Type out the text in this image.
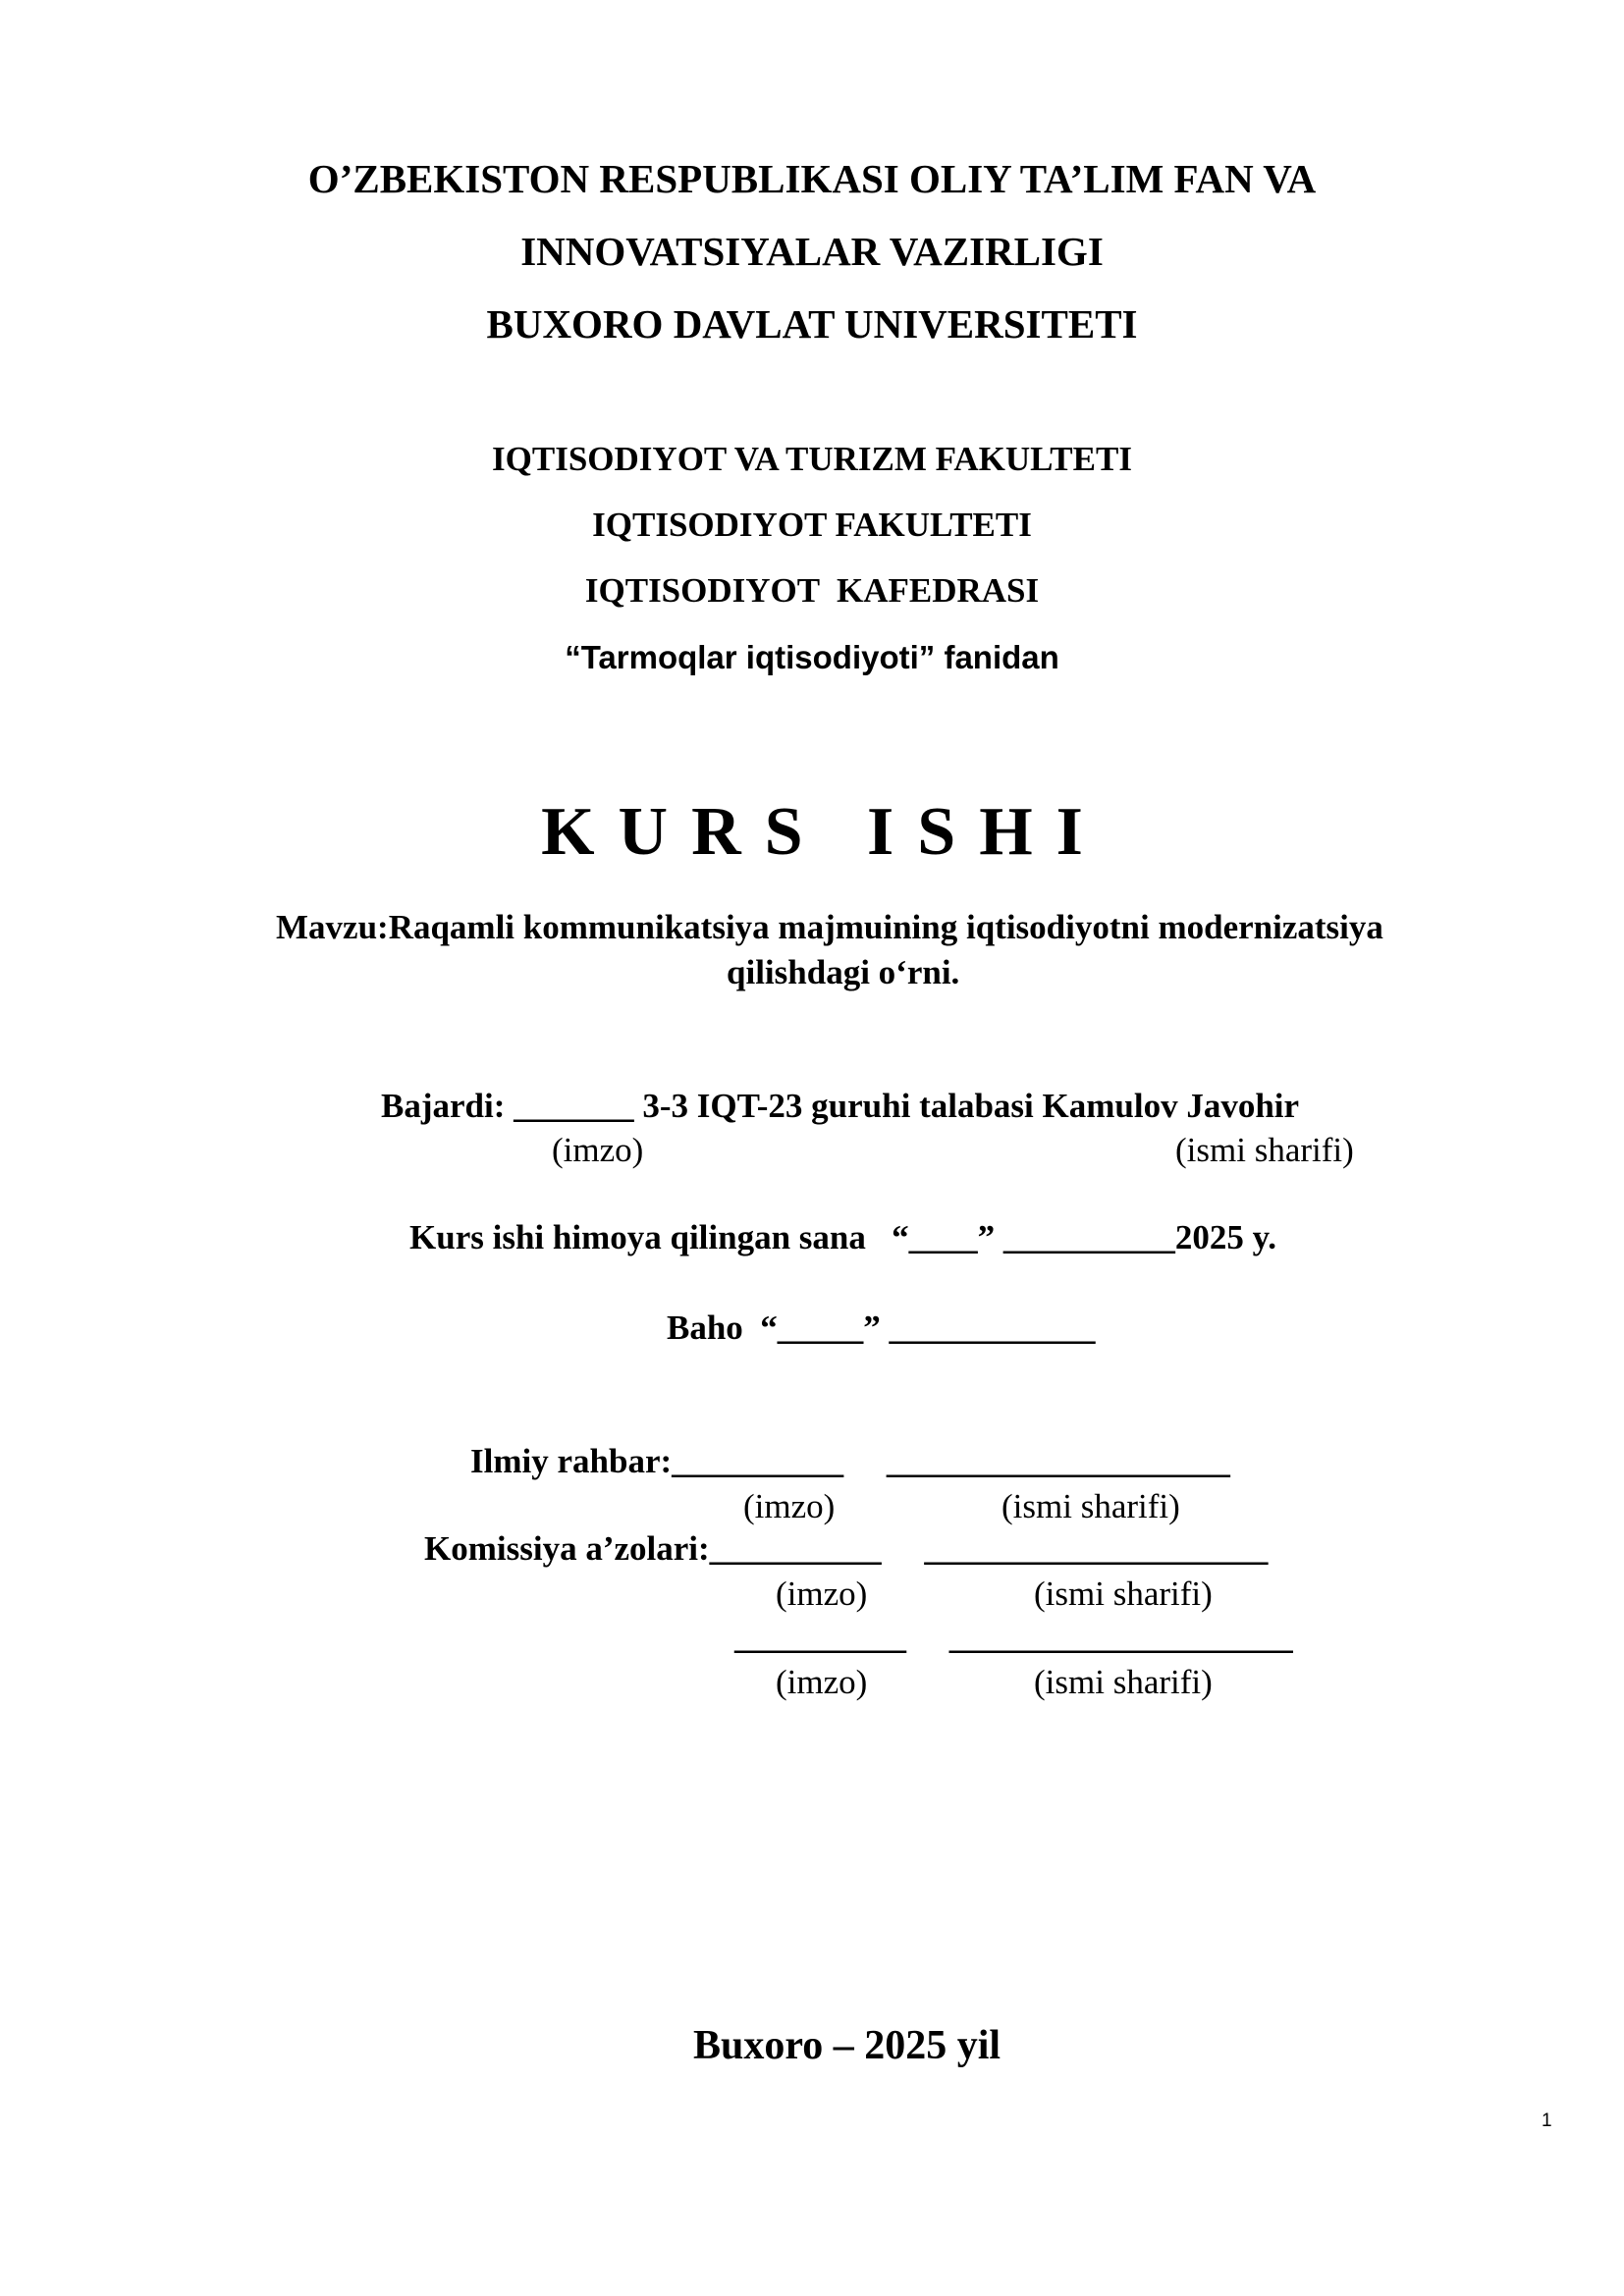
O’ZBEKISTON RESPUBLIKASI OLIY TA’LIM FAN VA
INNOVATSIYALAR VAZIRLIGI
BUXORO DAVLAT UNIVERSITETI
IQTISODIYOT VA TURIZM FAKULTETI
IQTISODIYOT FAKULTETI
IQTISODIYOT  KAFEDRASI
“Tarmoqlar iqtisodiyoti” fanidan
KURS ISHI
Mavzu:Raqamli kommunikatsiya majmuining iqtisodiyotni modernizatsiya
qilishdagi o‘rni.
Bajardi: _______ 3-3 IQT-23 guruhi talabasi Kamulov Javohir
(imzo)	(ismi sharifi)
Kurs ishi himoya qilingan sana   “____” __________2025 y.
Baho  “_____” ____________
Ilmiy rahbar:__________     ____________________
(imzo)	(ismi sharifi)
Komissiya a’zolari:__________     ____________________
(imzo)	(ismi sharifi)
__________     ____________________
(imzo)	(ismi sharifi)
Buxoro – 2025 yil
1
